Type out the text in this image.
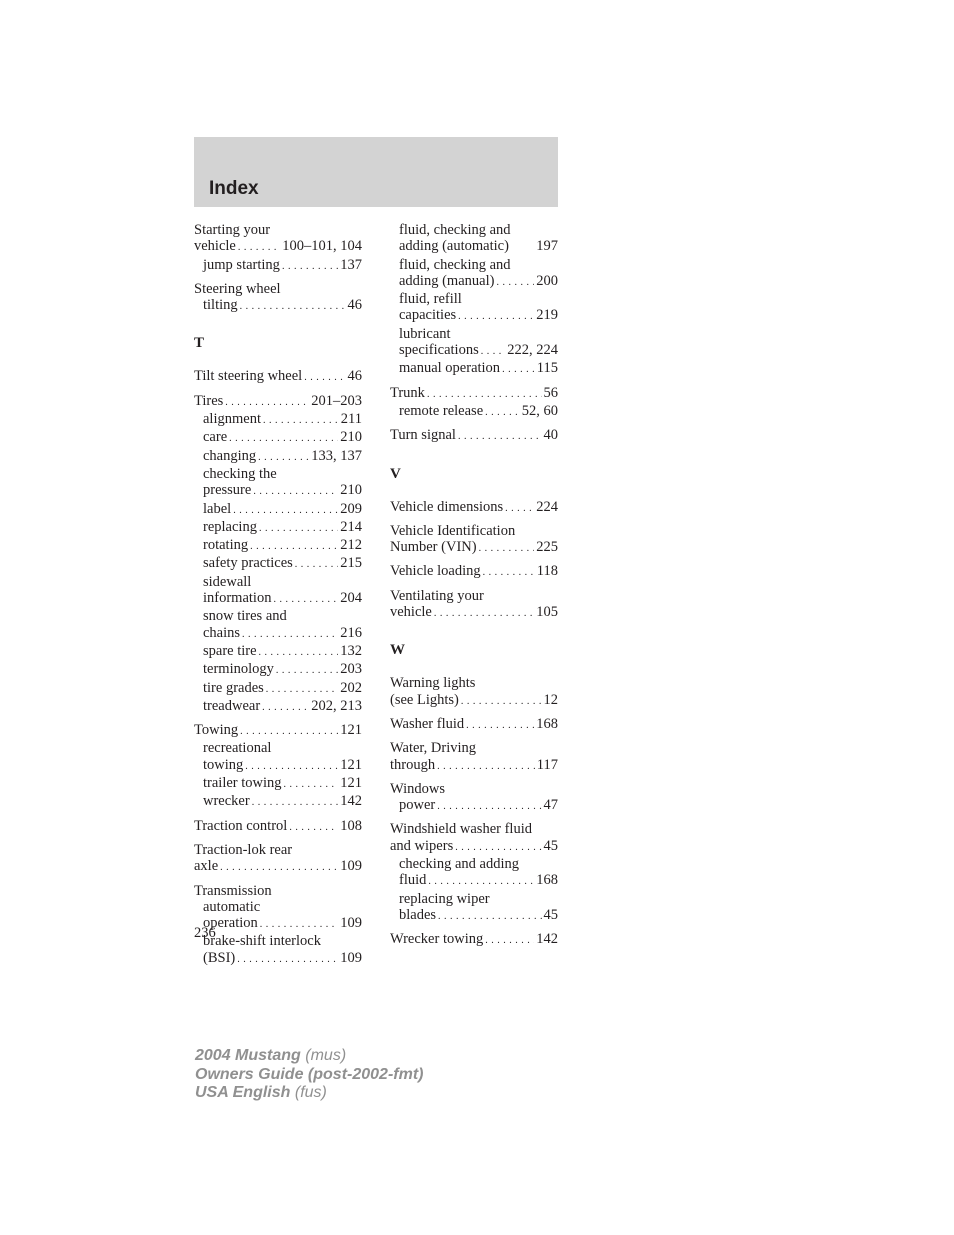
Index
Starting your
vehicle . . .	100–101, 104
jump starting . . .	137
Steering wheel
tilting . . .	46
T
Tilt steering wheel . . .	46
Tires . . .	201–203
alignment . . .	211
care . . .	210
changing . . .	133, 137
checking the
pressure . . .	210
label . . .	209
replacing . . .	214
rotating . . .	212
safety practices . . .	215
sidewall
information . . .	204
snow tires and
chains . . .	216
spare tire . . .	132
terminology . . .	203
tire grades . . .	202
treadwear . . .	202, 213
Towing . . .	121
recreational
towing . . .	121
trailer towing . . .	121
wrecker . . .	142
Traction control . . .	108
Traction-lok rear
axle . . .	109
Transmission
automatic
operation . . .	109
brake-shift interlock
(BSI) . . .	109
fluid, checking and
adding (automatic) 197
fluid, checking and
adding (manual) . . .	200
fluid, refill
capacities . . .	219
lubricant
specifications . . . 222, 224
manual operation . . .	115
Trunk . . .	56
remote release . . .	52, 60
Turn signal . . .	40
V
Vehicle dimensions . . . 224
Vehicle Identification
Number (VIN) . . .	225
Vehicle loading . . .	118
Ventilating your
vehicle . . .	105
W
Warning lights
(see Lights) . . .	12
Washer fluid . . .	168
Water, Driving
through . . .	117
Windows
power . . .	47
Windshield washer fluid
and wipers . . .	45
checking and adding
fluid . . .	168
replacing wiper
blades . . .	45
Wrecker towing . . .	142
236
2004 Mustang (mus)
Owners Guide (post-2002-fmt)
USA English (fus)
